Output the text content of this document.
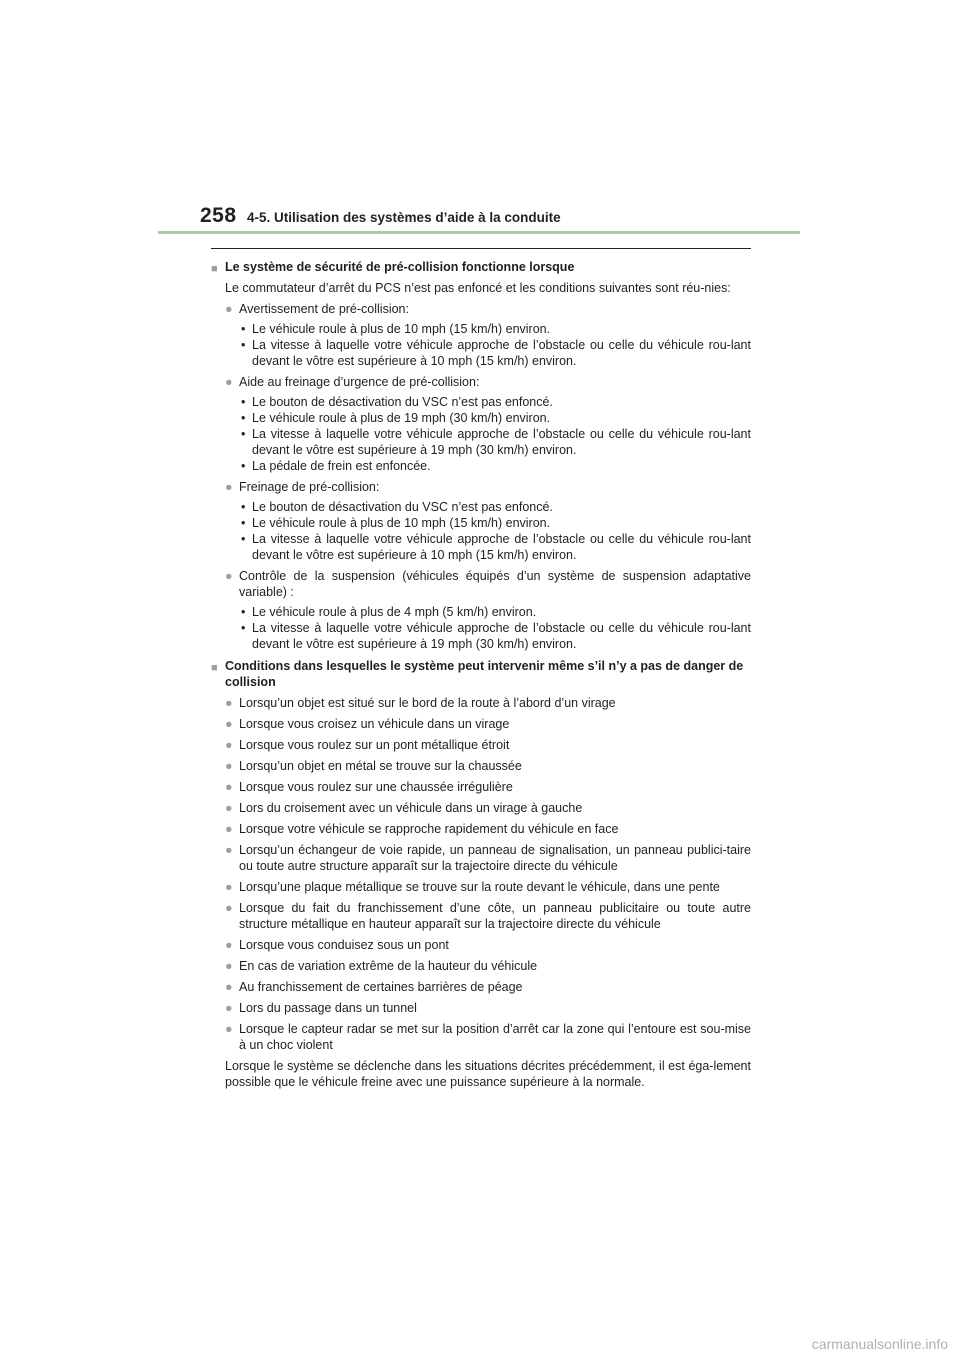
258 4-5. Utilisation des systèmes d’aide à la conduite
■ Le système de sécurité de pré-collision fonctionne lorsque
Le commutateur d’arrêt du PCS n’est pas enfoncé et les conditions suivantes sont réu-nies:
● Avertissement de pré-collision:
• Le véhicule roule à plus de 10 mph (15 km/h) environ.
• La vitesse à laquelle votre véhicule approche de l’obstacle ou celle du véhicule rou-lant devant le vôtre est supérieure à 10 mph (15 km/h) environ.
● Aide au freinage d’urgence de pré-collision:
• Le bouton de désactivation du VSC n’est pas enfoncé.
• Le véhicule roule à plus de 19 mph (30 km/h) environ.
• La vitesse à laquelle votre véhicule approche de l’obstacle ou celle du véhicule rou-lant devant le vôtre est supérieure à 19 mph (30 km/h) environ.
• La pédale de frein est enfoncée.
● Freinage de pré-collision:
• Le bouton de désactivation du VSC n’est pas enfoncé.
• Le véhicule roule à plus de 10 mph (15 km/h) environ.
• La vitesse à laquelle votre véhicule approche de l’obstacle ou celle du véhicule rou-lant devant le vôtre est supérieure à 10 mph (15 km/h) environ.
● Contrôle de la suspension (véhicules équipés d’un système de suspension adaptative variable) :
• Le véhicule roule à plus de 4 mph (5 km/h) environ.
• La vitesse à laquelle votre véhicule approche de l’obstacle ou celle du véhicule rou-lant devant le vôtre est supérieure à 19 mph (30 km/h) environ.
■ Conditions dans lesquelles le système peut intervenir même s’il n’y a pas de danger de collision
● Lorsqu’un objet est situé sur le bord de la route à l’abord d’un virage
● Lorsque vous croisez un véhicule dans un virage
● Lorsque vous roulez sur un pont métallique étroit
● Lorsqu’un objet en métal se trouve sur la chaussée
● Lorsque vous roulez sur une chaussée irrégulière
● Lors du croisement avec un véhicule dans un virage à gauche
● Lorsque votre véhicule se rapproche rapidement du véhicule en face
● Lorsqu’un échangeur de voie rapide, un panneau de signalisation, un panneau publici-taire ou toute autre structure apparaît sur la trajectoire directe du véhicule
● Lorsqu’une plaque métallique se trouve sur la route devant le véhicule, dans une pente
● Lorsque du fait du franchissement d’une côte, un panneau publicitaire ou toute autre structure métallique en hauteur apparaît sur la trajectoire directe du véhicule
● Lorsque vous conduisez sous un pont
● En cas de variation extrême de la hauteur du véhicule
● Au franchissement de certaines barrières de péage
● Lors du passage dans un tunnel
● Lorsque le capteur radar se met sur la position d’arrêt car la zone qui l’entoure est sou-mise à un choc violent
Lorsque le système se déclenche dans les situations décrites précédemment, il est éga-lement possible que le véhicule freine avec une puissance supérieure à la normale.
carmanualsonline.info
